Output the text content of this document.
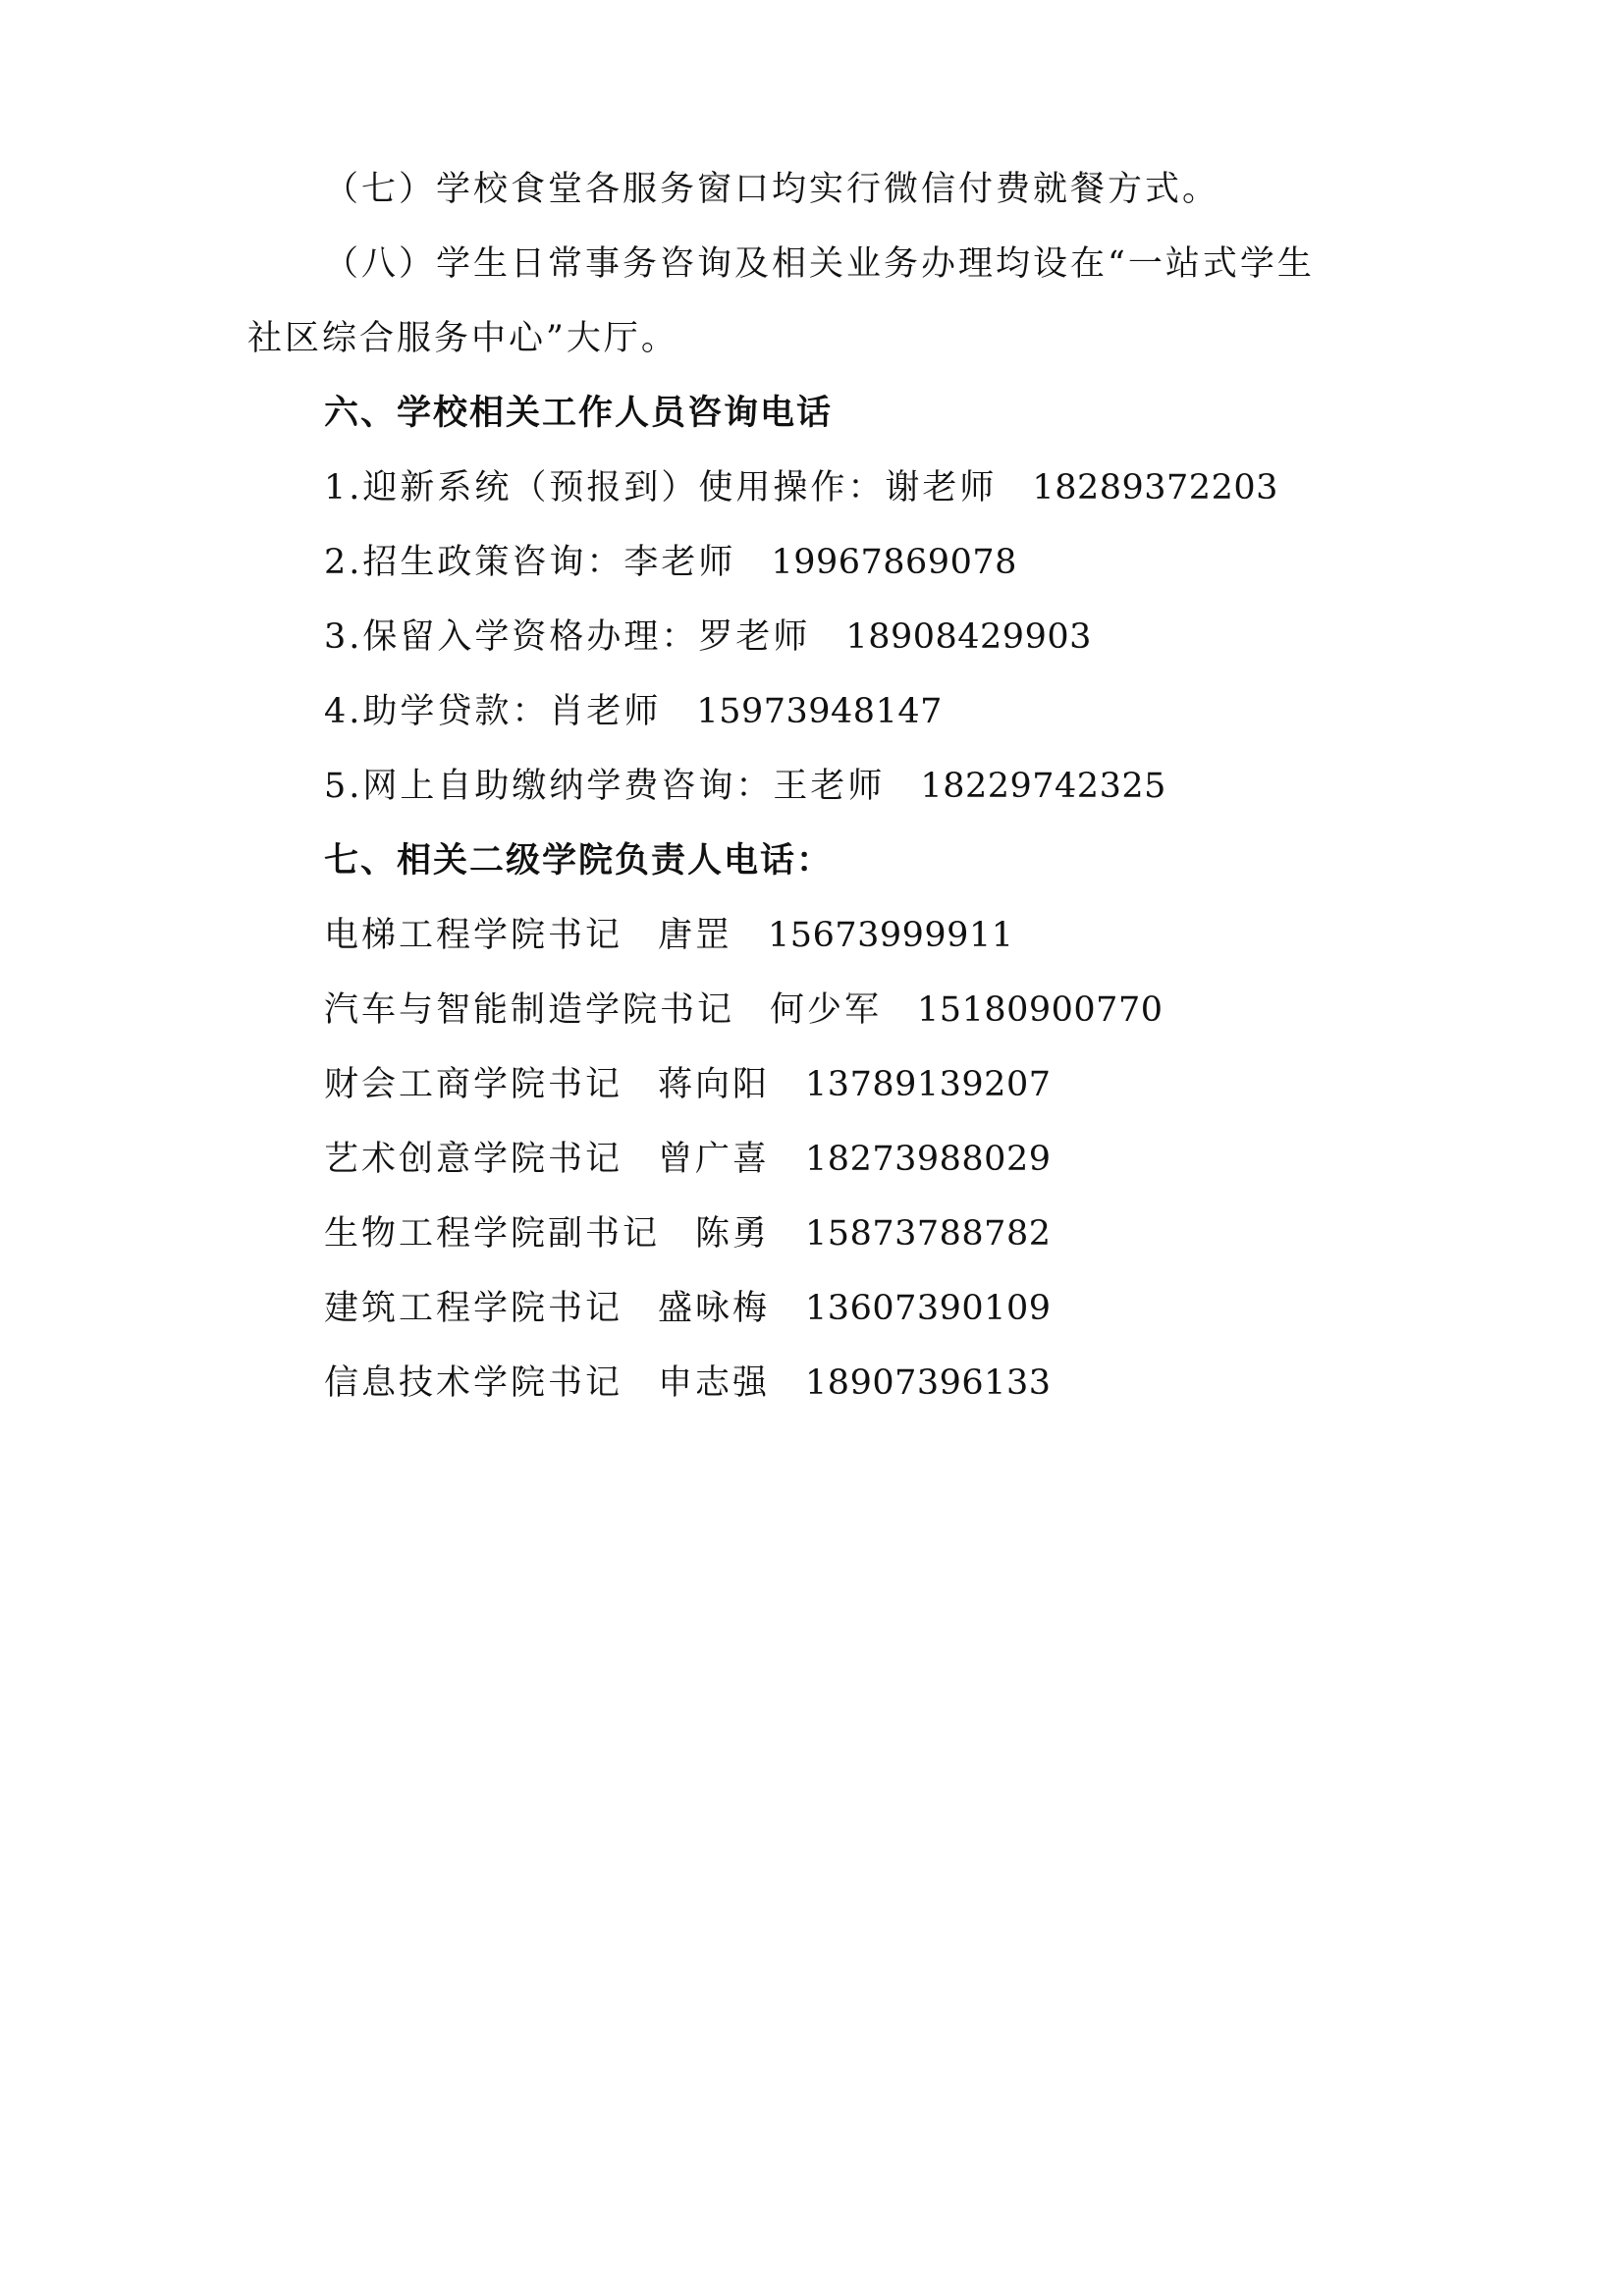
（七）学校食堂各服务窗口均实行微信付费就餐方式。
（八）学生日常事务咨询及相关业务办理均设在“一站式学生
社区综合服务中心”大厅。
六、学校相关工作人员咨询电话
1.迎新系统（预报到）使用操作：谢老师 18289372203
2.招生政策咨询：李老师 19967869078
3.保留入学资格办理：罗老师 18908429903
4.助学贷款：肖老师 15973948147
5.网上自助缴纳学费咨询：王老师 18229742325
七、相关二级学院负责人电话：
电梯工程学院书记 唐罡 15673999911
汽车与智能制造学院书记 何少军 15180900770
财会工商学院书记 蒋向阳 13789139207
艺术创意学院书记 曾广喜 18273988029
生物工程学院副书记 陈勇 15873788782
建筑工程学院书记 盛咏梅 13607390109
信息技术学院书记 申志强 18907396133
